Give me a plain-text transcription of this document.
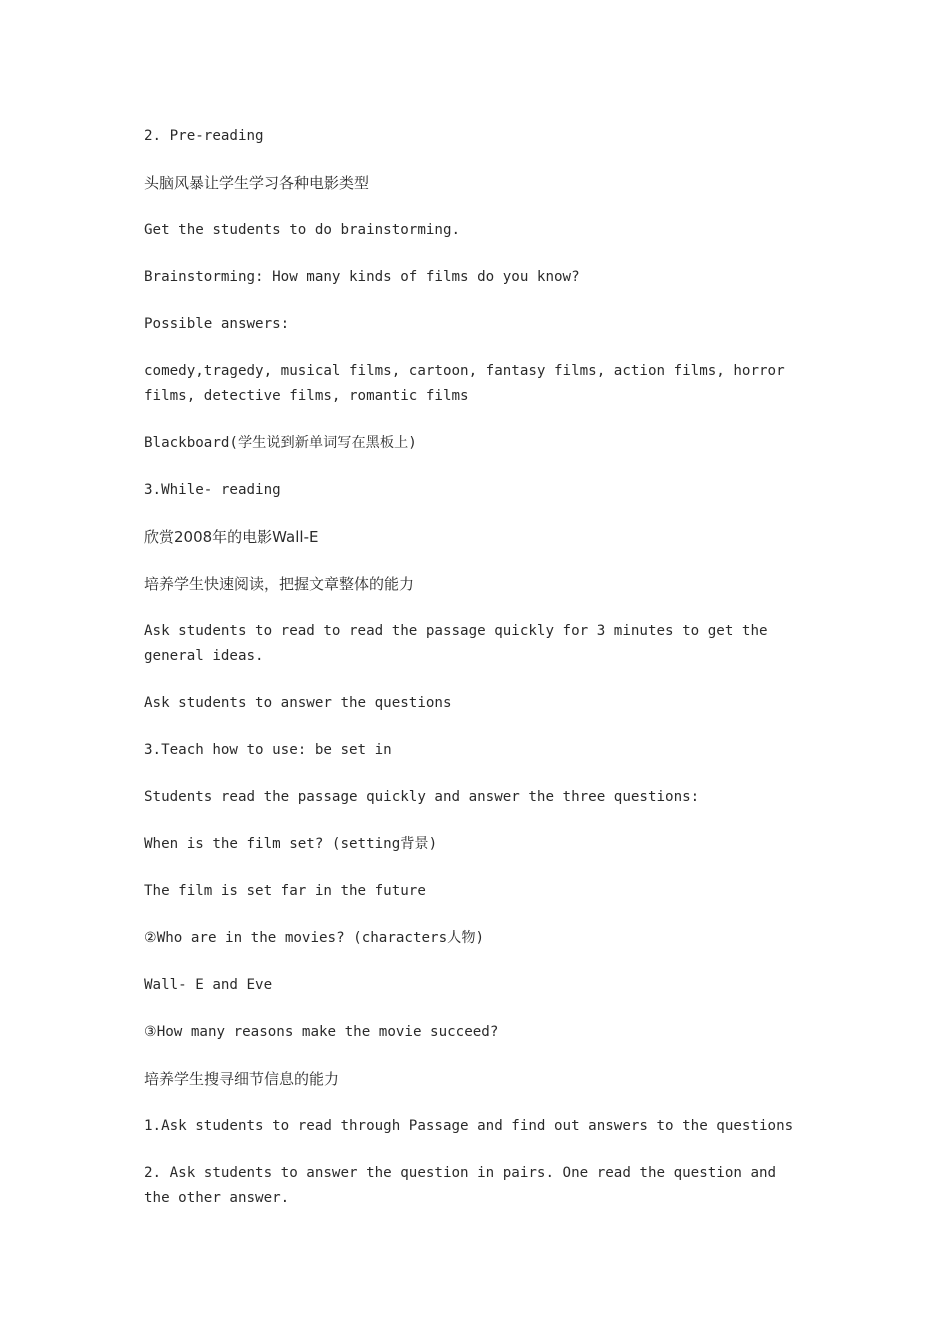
2. Pre-reading

头脑风暴让学生学习各种电影类型

Get the students to do brainstorming.

Brainstorming: How many kinds of films do you know?

Possible answers:

comedy,tragedy, musical films, cartoon, fantasy films, action films, horror films, detective films, romantic films

Blackboard(学生说到新单词写在黑板上)

3.While- reading

欣赏2008年的电影Wall-E

培养学生快速阅读，把握文章整体的能力

Ask students to read to read the passage quickly for 3 minutes to get the general ideas.

Ask students to answer the questions

3.Teach how to use: be set in

Students read the passage quickly and answer the three questions:

When is the film set? (setting背景)

The film is set far in the future

②Who are in the movies? (characters人物)

Wall- E and Eve

③How many reasons make the movie succeed?

培养学生搜寻细节信息的能力

1.Ask students to read through Passage and find out answers to the questions

2. Ask students to answer the question in pairs. One read the question and the other answer.
